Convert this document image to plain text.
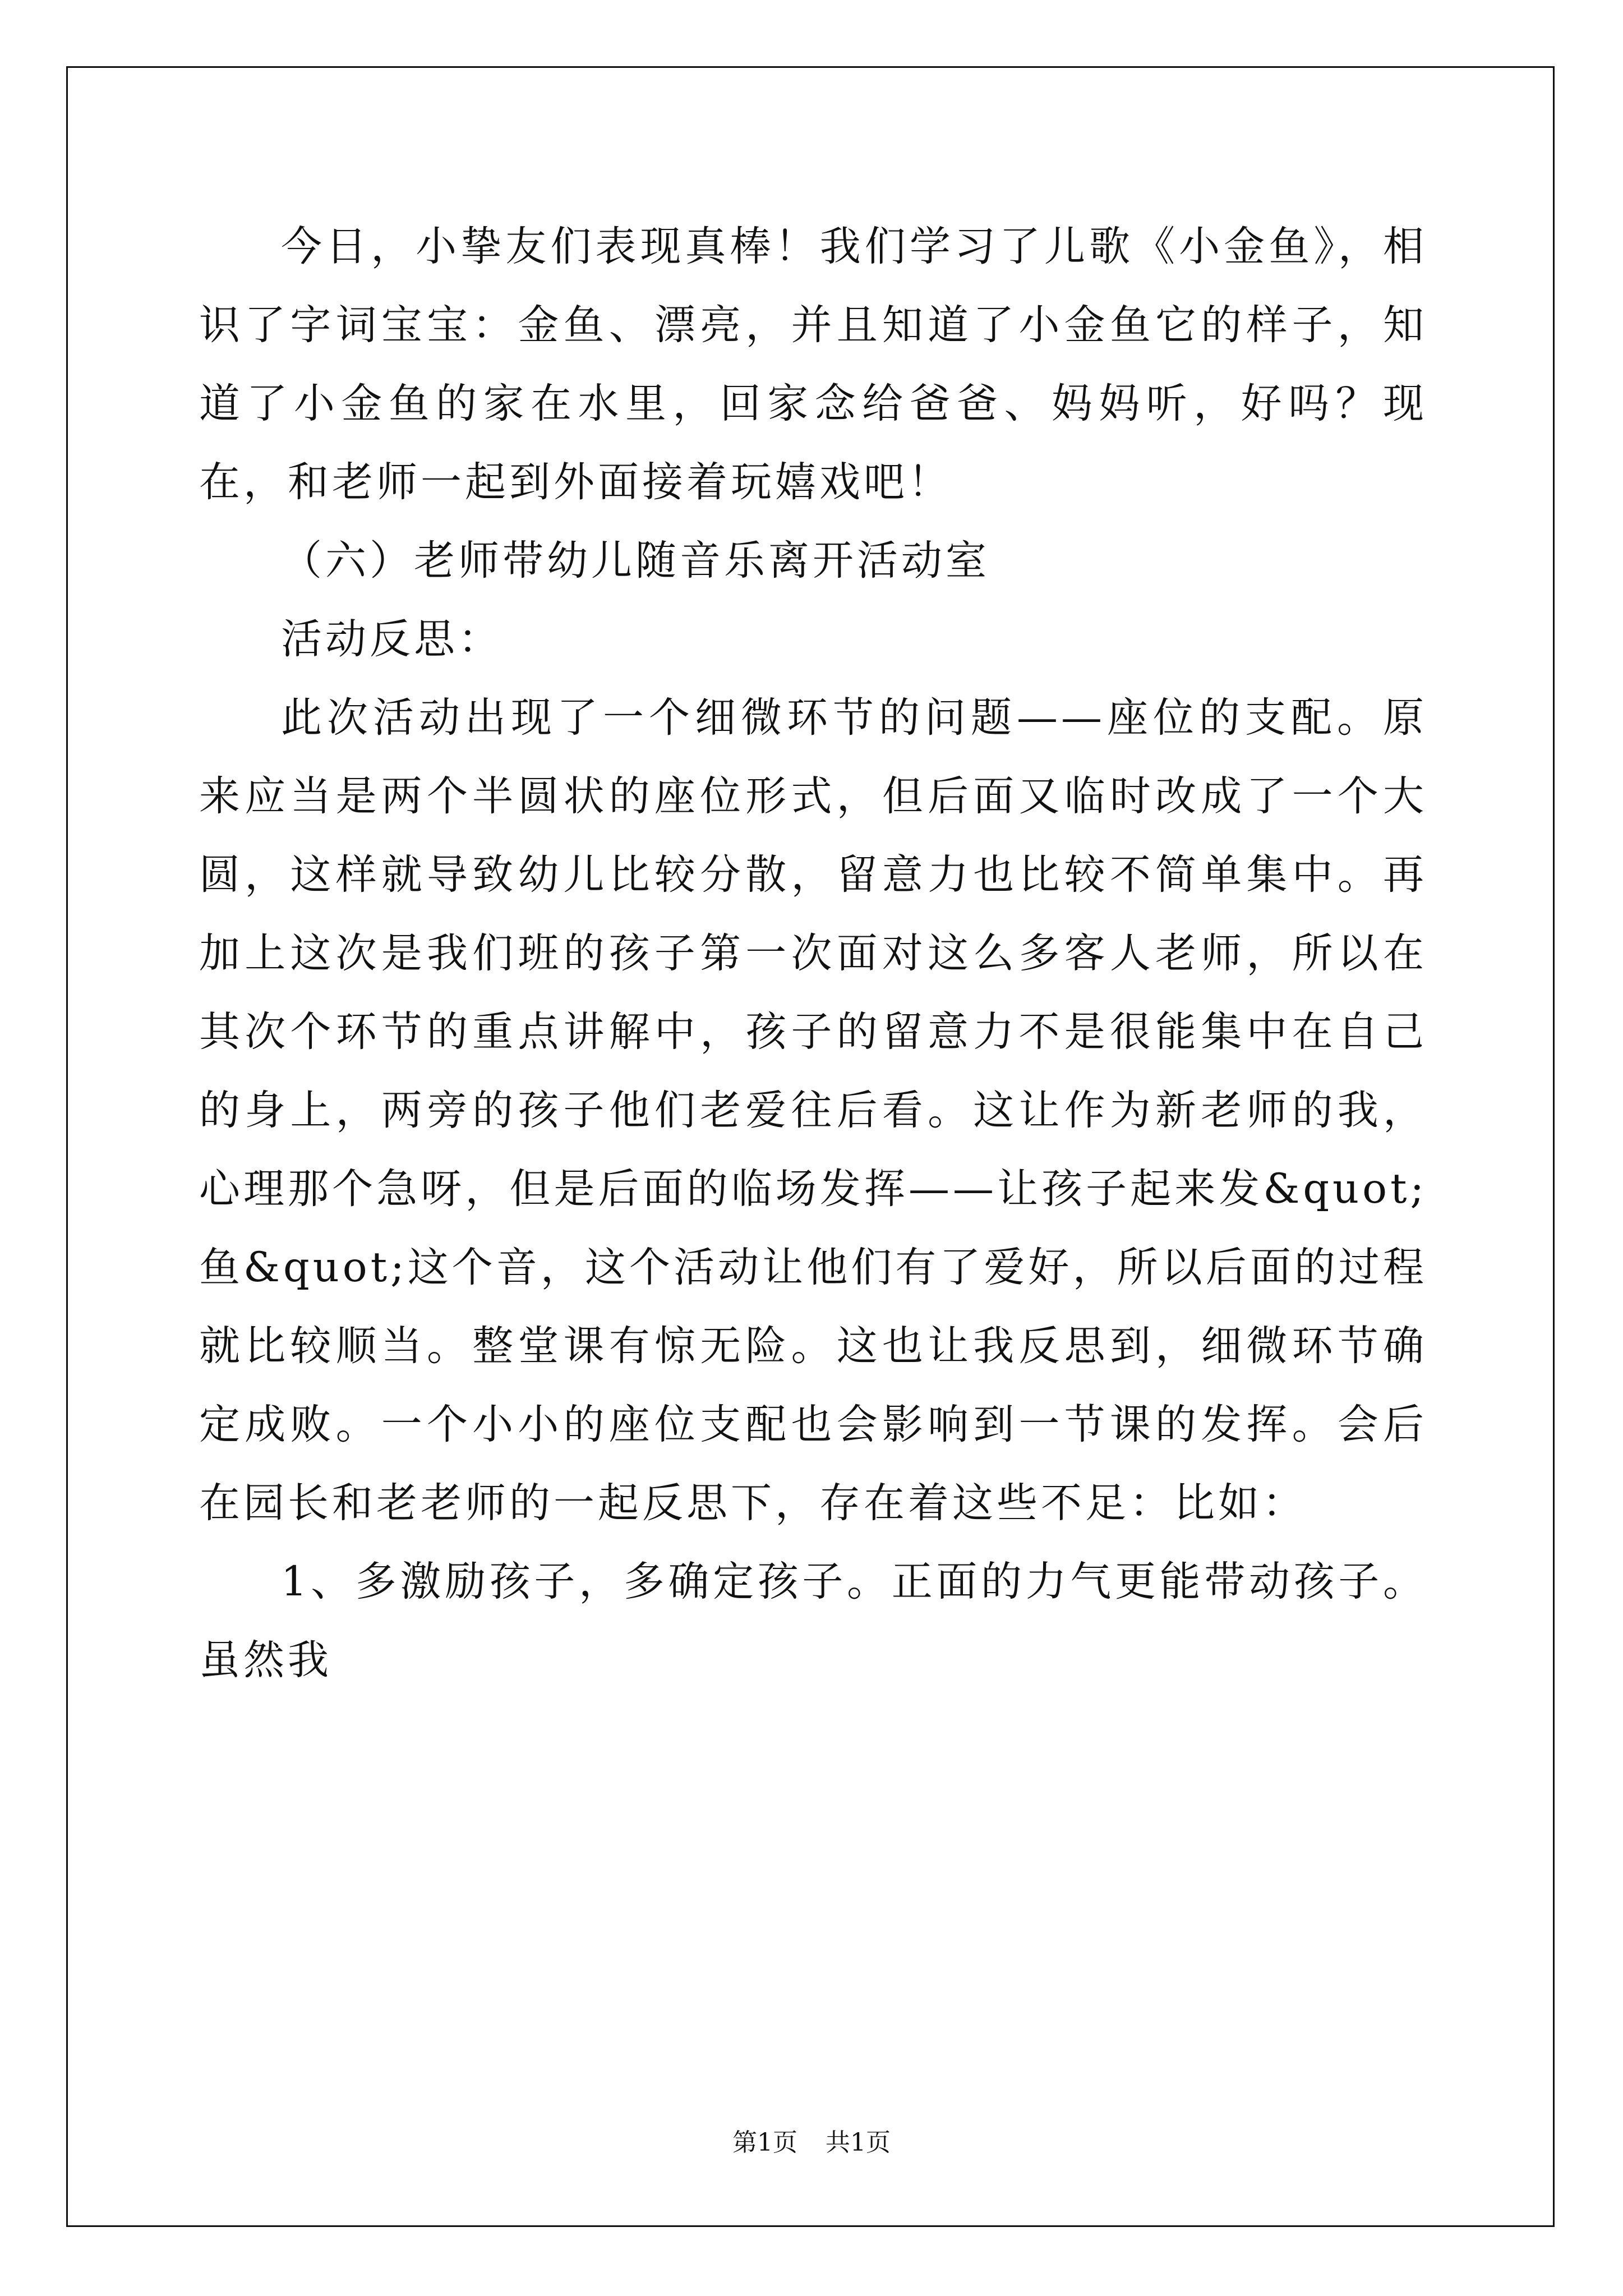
今日，小挚友们表现真棒！我们学习了儿歌《小金鱼》，相识了字词宝宝：金鱼、漂亮，并且知道了小金鱼它的样子，知道了小金鱼的家在水里，回家念给爸爸、妈妈听，好吗？现在，和老师一起到外面接着玩嬉戏吧！

（六）老师带幼儿随音乐离开活动室

活动反思：

此次活动出现了一个细微环节的问题——座位的支配。原来应当是两个半圆状的座位形式，但后面又临时改成了一个大圆，这样就导致幼儿比较分散，留意力也比较不简单集中。再加上这次是我们班的孩子第一次面对这么多客人老师，所以在其次个环节的重点讲解中，孩子的留意力不是很能集中在自己的身上，两旁的孩子他们老爱往后看。这让作为新老师的我，心理那个急呀，但是后面的临场发挥——让孩子起来发&quot;鱼&quot;这个音，这个活动让他们有了爱好，所以后面的过程就比较顺当。整堂课有惊无险。这也让我反思到，细微环节确定成败。一个小小的座位支配也会影响到一节课的发挥。会后在园长和老老师的一起反思下，存在着这些不足：比如：

1、多激励孩子，多确定孩子。正面的力气更能带动孩子。虽然我

第1页 共1页
